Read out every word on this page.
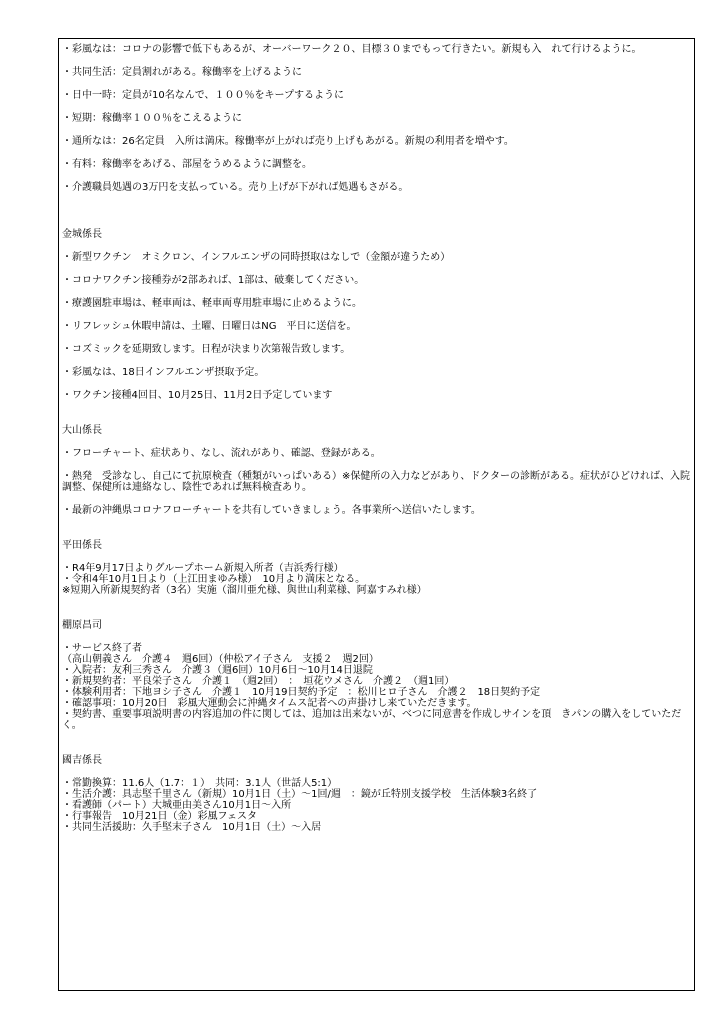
・彩風なは：コロナの影響で低下もあるが、オーバーワーク２０、目標３０までもって行きたい。新規も入　れて行けるように。

・共同生活：定員割れがある。稼働率を上げるように

・日中一時：定員が10名なんで、１００％をキープするように

・短期：稼働率１００％をこえるように

・通所なは：26名定員　入所は満床。稼働率が上がれば売り上げもあがる。新規の利用者を増やす。

・有料：稼働率をあげる、部屋をうめるように調整を。

・介護職員処遇の3万円を支払っている。売り上げが下がれば処遇もさがる。

金城係長

・新型ワクチン　オミクロン、インフルエンザの同時摂取はなしで（金額が違うため）

・コロナワクチン接種券が2部あれば、1部は、破棄してください。

・療護園駐車場は、軽車両は、軽車両専用駐車場に止めるように。

・リフレッシュ休暇申請は、土曜、日曜日はNG　平日に送信を。

・コズミックを延期致します。日程が決まり次第報告致します。

・彩風なは、18日インフルエンザ摂取予定。

・ワクチン接種4回目、10月25日、11月2日予定しています

大山係長

・フローチャート、症状あり、なし、流れがあり、確認、登録がある。

・熱発　受診なし、自己にて抗原検査（種類がいっぱいある）※保健所の入力などがあり、ドクターの診断がある。症状がひどければ、入院調整、保健所は連絡なし、陰性であれば無料検査あり。

・最新の沖縄県コロナフローチャートを共有していきましょう。各事業所へ送信いたします。

平田係長

・R4年9月17日よりグループホーム新規入所者（吉浜秀行様）

・令和4年10月1日より（上江田まゆみ様）　10月より満床となる。

※短期入所新規契約者（3名）実施（溜川亜允様、與世山利菜様、阿嘉すみれ様）

棚原昌司

・サービス終了者

（高山朝義さん　介護４　週6回）（仲松アイ子さん　支援２　週2回）

・入院者：友利三秀さん　介護３（週6回）10月6日～10月14日退院

・新規契約者：平良栄子さん　介護１　（週2回）　：　垣花ウメさん　介護２　（週1回）

・体験利用者：下地ヨシ子さん　介護１　10月19日契約予定　：松川ヒロ子さん　介護２　18日契約予定

・確認事項：10月20日　彩風大運動会に沖縄タイムス記者への声掛けし来ていただきます。

・契約書、重要事項説明書の内容追加の件に関しては、追加は出来ないが、べつに同意書を作成しサインを頂　きパンの購入をしていただく。

國吉係長

・常勤換算：11.6人（1.7：１）　共同：3.1人（世話人5:1）

・生活介護：具志堅千里さん（新規）10月1日（土）～1回/週　：鏡が丘特別支援学校　生活体験3名終了

・看護師（パート）大城亜由美さん10月1日～入所

・行事報告　10月21日（金）彩風フェスタ

・共同生活援助：久手堅末子さん　10月1日（土）～入居
